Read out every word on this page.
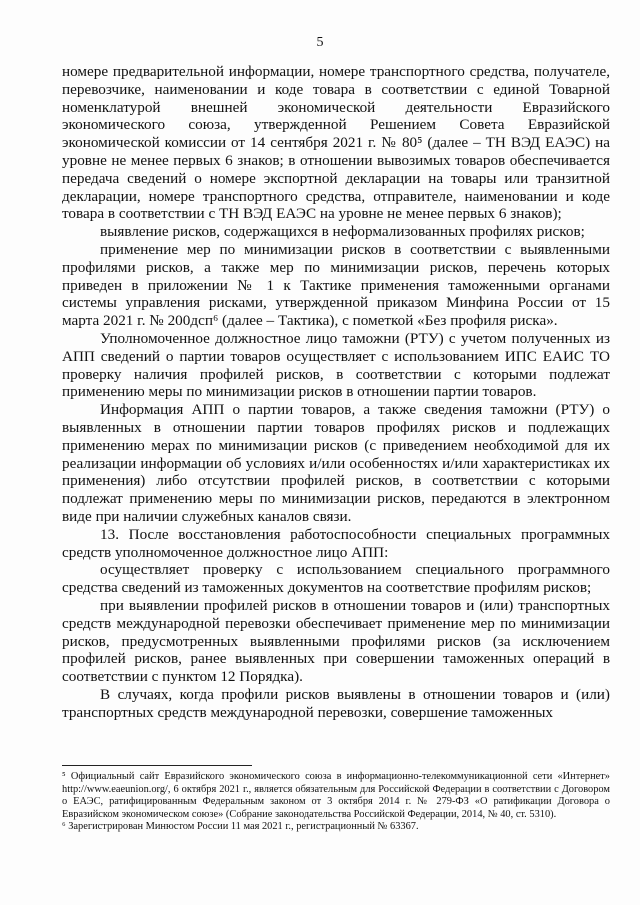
5

номере предварительной информации, номере транспортного средства, получателе, перевозчике, наименовании и коде товара в соответствии с единой Товарной номенклатурой внешней экономической деятельности Евразийского экономического союза, утвержденной Решением Совета Евразийской экономической комиссии от 14 сентября 2021 г. № 80⁵ (далее – ТН ВЭД ЕАЭС) на уровне не менее первых 6 знаков; в отношении вывозимых товаров обеспечивается передача сведений о номере экспортной декларации на товары или транзитной декларации, номере транспортного средства, отправителе, наименовании и коде товара в соответствии с ТН ВЭД ЕАЭС на уровне не менее первых 6 знаков);

выявление рисков, содержащихся в неформализованных профилях рисков;

применение мер по минимизации рисков в соответствии с выявленными профилями рисков, а также мер по минимизации рисков, перечень которых приведен в приложении № 1 к Тактике применения таможенными органами системы управления рисками, утвержденной приказом Минфина России от 15 марта 2021 г. № 200дсп⁶ (далее – Тактика), с пометкой «Без профиля риска».

Уполномоченное должностное лицо таможни (РТУ) с учетом полученных из АПП сведений о партии товаров осуществляет с использованием ИПС ЕАИС ТО проверку наличия профилей рисков, в соответствии с которыми подлежат применению меры по минимизации рисков в отношении партии товаров.

Информация АПП о партии товаров, а также сведения таможни (РТУ) о выявленных в отношении партии товаров профилях рисков и подлежащих применению мерах по минимизации рисков (с приведением необходимой для их реализации информации об условиях и/или особенностях и/или характеристиках их применения) либо отсутствии профилей рисков, в соответствии с которыми подлежат применению меры по минимизации рисков, передаются в электронном виде при наличии служебных каналов связи.

13. После восстановления работоспособности специальных программных средств уполномоченное должностное лицо АПП:

осуществляет проверку с использованием специального программного средства сведений из таможенных документов на соответствие профилям рисков;

при выявлении профилей рисков в отношении товаров и (или) транспортных средств международной перевозки обеспечивает применение мер по минимизации рисков, предусмотренных выявленными профилями рисков (за исключением профилей рисков, ранее выявленных при совершении таможенных операций в соответствии с пунктом 12 Порядка).

В случаях, когда профили рисков выявлены в отношении товаров и (или) транспортных средств международной перевозки, совершение таможенных

⁵ Официальный сайт Евразийского экономического союза в информационно-телекоммуникационной сети «Интернет» http://www.eaeunion.org/, 6 октября 2021 г., является обязательным для Российской Федерации в соответствии с Договором о ЕАЭС, ратифицированным Федеральным законом от 3 октября 2014 г. № 279-ФЗ «О ратификации Договора о Евразийском экономическом союзе» (Собрание законодательства Российской Федерации, 2014, № 40, ст. 5310).

⁶ Зарегистрирован Минюстом России 11 мая 2021 г., регистрационный № 63367.
